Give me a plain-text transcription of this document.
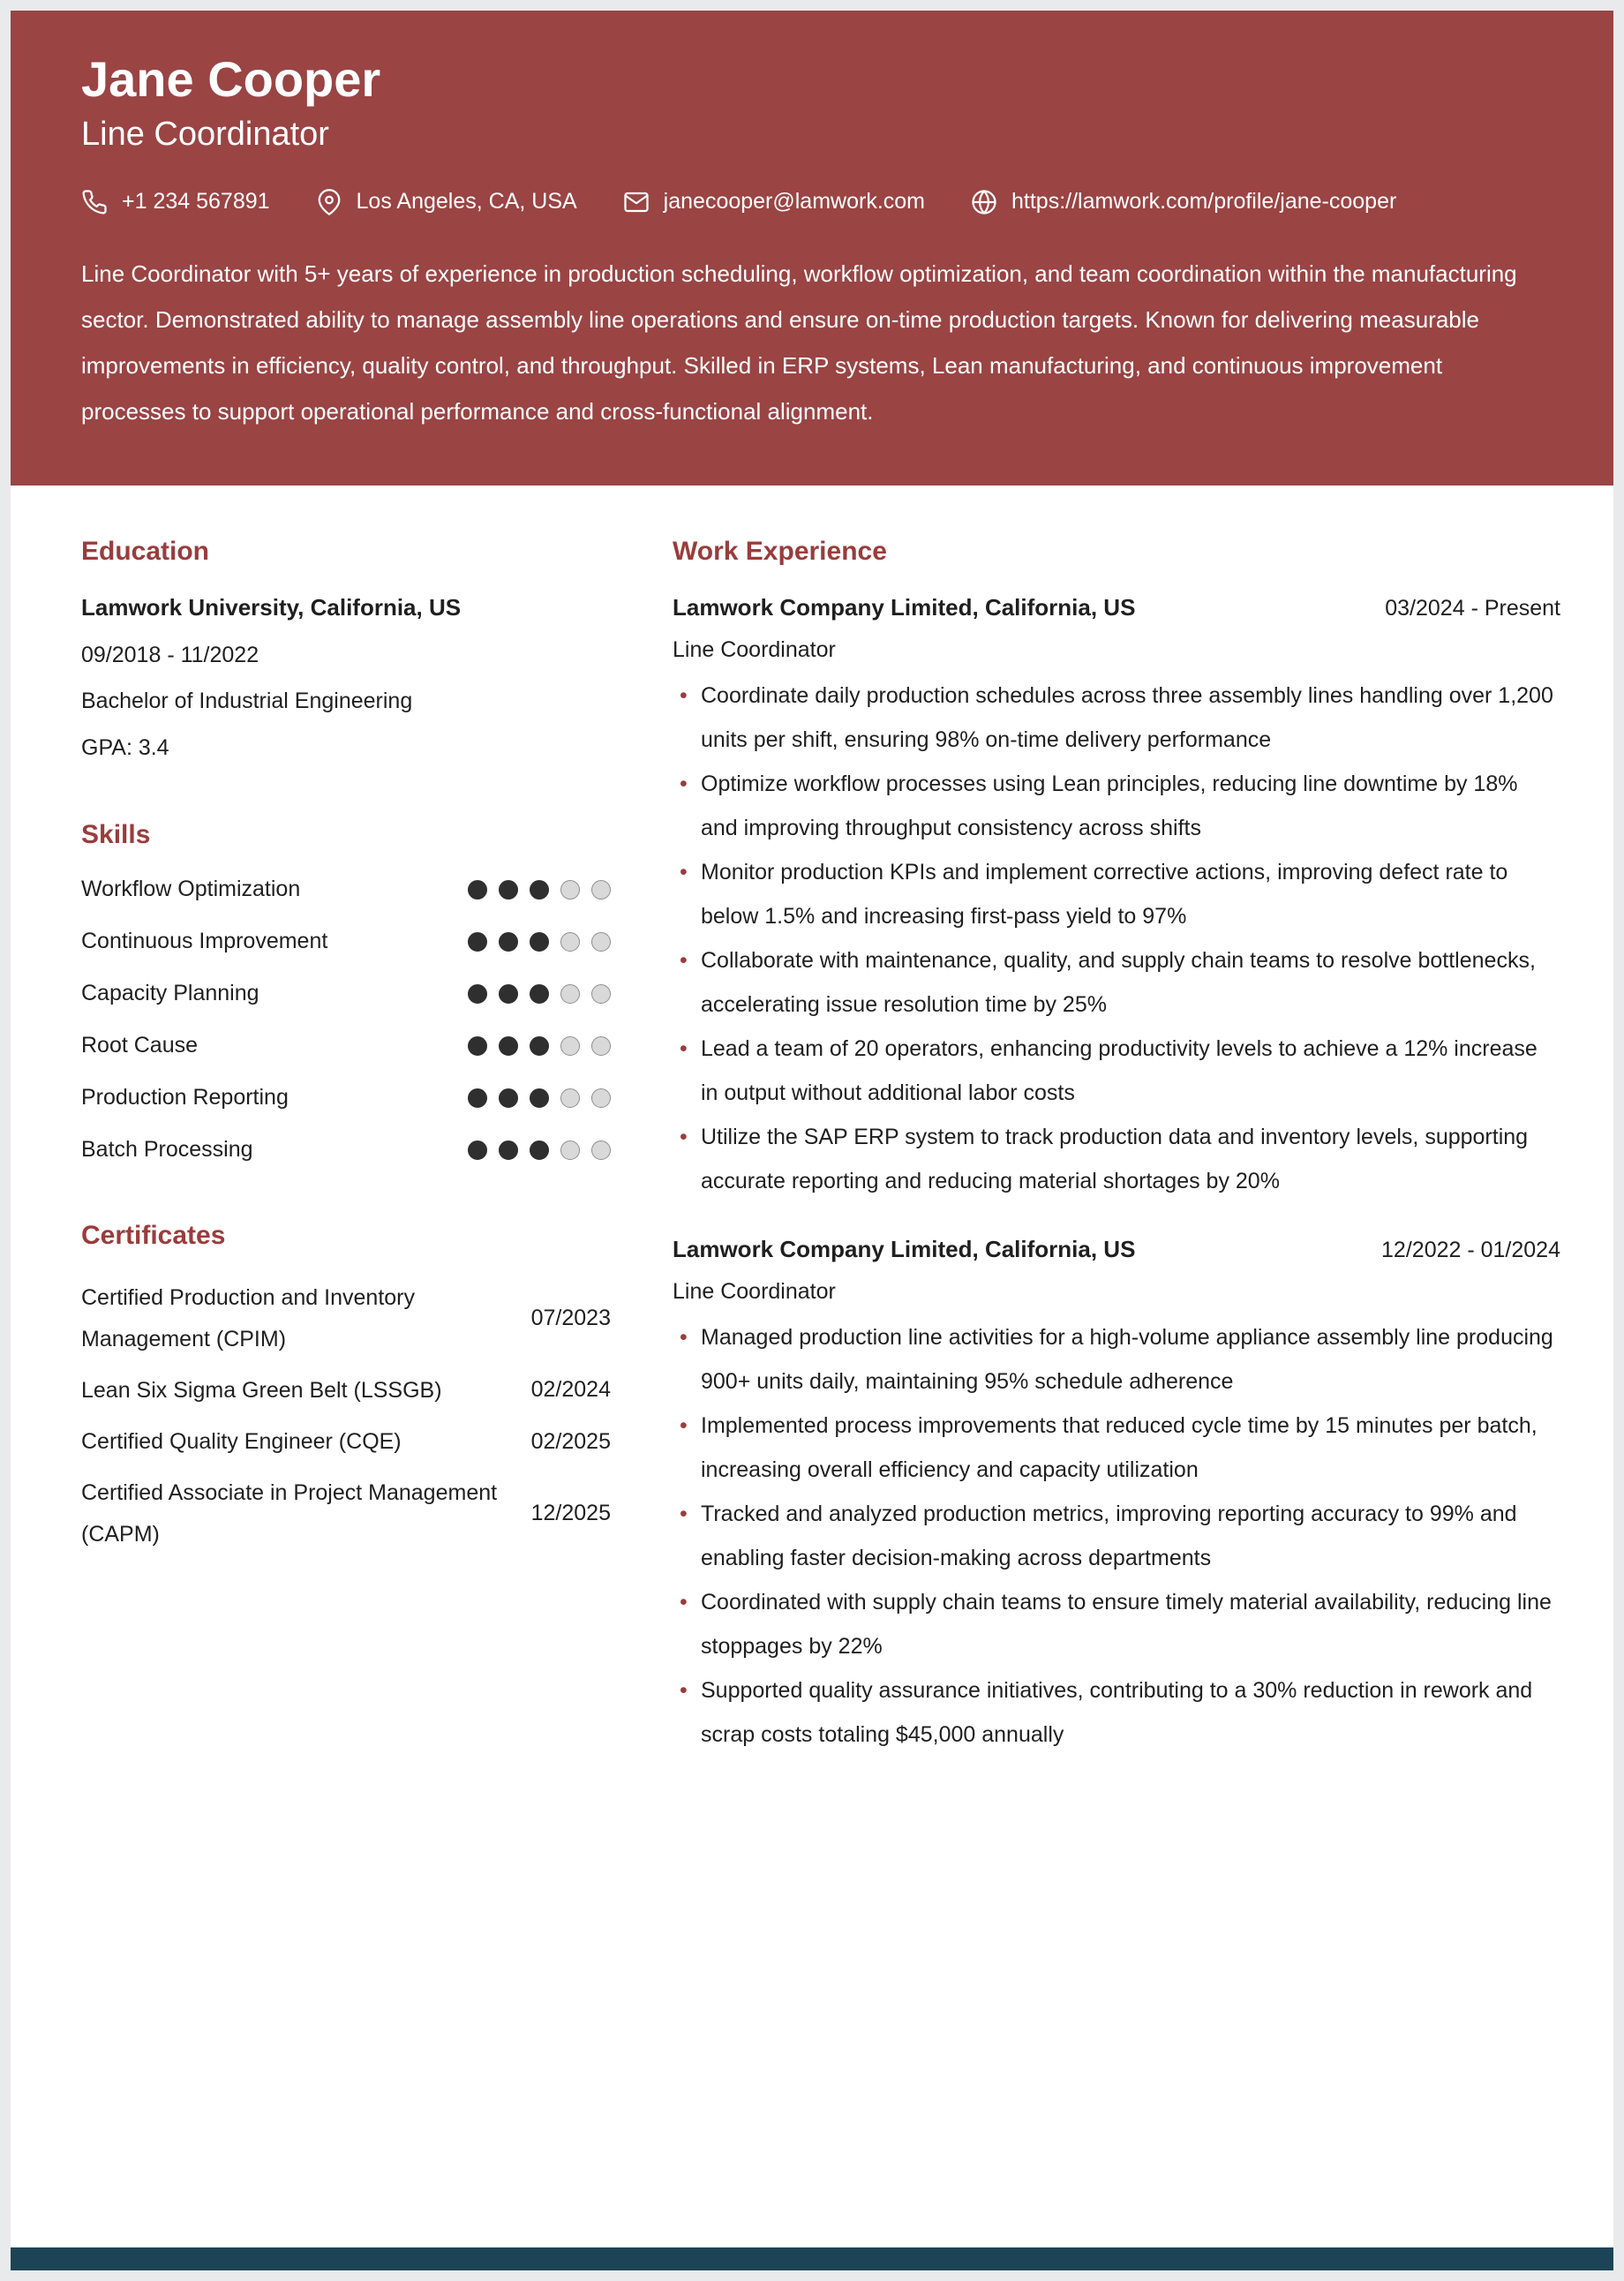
Jane Cooper
Line Coordinator
+1 234 567891	Los Angeles, CA, USA	janecooper@lamwork.com	https://lamwork.com/profile/jane-cooper

Line Coordinator with 5+ years of experience in production scheduling, workflow optimization, and team coordination within the manufacturing sector. Demonstrated ability to manage assembly line operations and ensure on-time production targets. Known for delivering measurable improvements in efficiency, quality control, and throughput. Skilled in ERP systems, Lean manufacturing, and continuous improvement processes to support operational performance and cross-functional alignment.

Education
Lamwork University, California, US
09/2018 - 11/2022
Bachelor of Industrial Engineering
GPA: 3.4
Skills
Workflow Optimization
Continuous Improvement
Capacity Planning
Root Cause
Production Reporting
Batch Processing
Certificates
Certified Production and Inventory Management (CPIM)
07/2023
Lean Six Sigma Green Belt (LSSGB)	02/2024
Certified Quality Engineer (CQE)	02/2025
Certified Associate in Project Management (CAPM)
12/2025
Work Experience
Lamwork Company Limited, California, US	03/2024 - Present
Line Coordinator
• Coordinate daily production schedules across three assembly lines handling over 1,200 units per shift, ensuring 98% on-time delivery performance
• Optimize workflow processes using Lean principles, reducing line downtime by 18% and improving throughput consistency across shifts
• Monitor production KPIs and implement corrective actions, improving defect rate to below 1.5% and increasing first-pass yield to 97%
• Collaborate with maintenance, quality, and supply chain teams to resolve bottlenecks, accelerating issue resolution time by 25%
• Lead a team of 20 operators, enhancing productivity levels to achieve a 12% increase in output without additional labor costs
• Utilize the SAP ERP system to track production data and inventory levels, supporting accurate reporting and reducing material shortages by 20%
Lamwork Company Limited, California, US	12/2022 - 01/2024
Line Coordinator
• Managed production line activities for a high-volume appliance assembly line producing 900+ units daily, maintaining 95% schedule adherence
• Implemented process improvements that reduced cycle time by 15 minutes per batch, increasing overall efficiency and capacity utilization
• Tracked and analyzed production metrics, improving reporting accuracy to 99% and enabling faster decision-making across departments
• Coordinated with supply chain teams to ensure timely material availability, reducing line stoppages by 22%
• Supported quality assurance initiatives, contributing to a 30% reduction in rework and scrap costs totaling $45,000 annually
